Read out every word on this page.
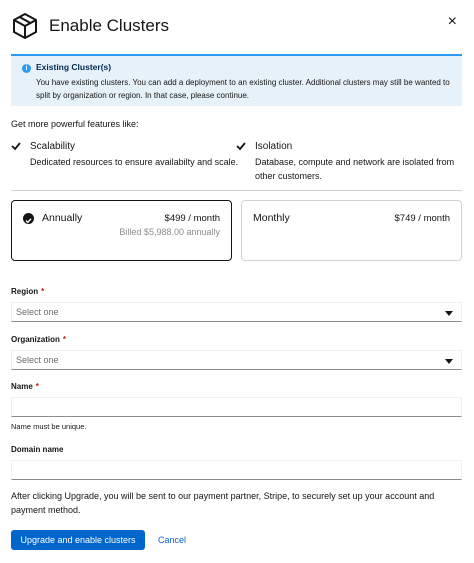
Enable Clusters	×
i	Existing Cluster(s)
You have existing clusters. You can add a deployment to an existing cluster. Additional clusters may still be wanted to split by organization or region. In that case, please continue.
Get more powerful features like:
Scalability
Dedicated resources to ensure availabilty and scale.
Isolation
Database, compute and network are isolated from other customers.
Annually	$499 / month
Billed $5,988.00 annually
Monthly	$749 / month
Region *
Select one
Organization *
Select one
Name *
Name must be unique.
Domain name
After clicking Upgrade, you will be sent to our payment partner, Stripe, to securely set up your account and payment method.
Upgrade and enable clusters	Cancel
